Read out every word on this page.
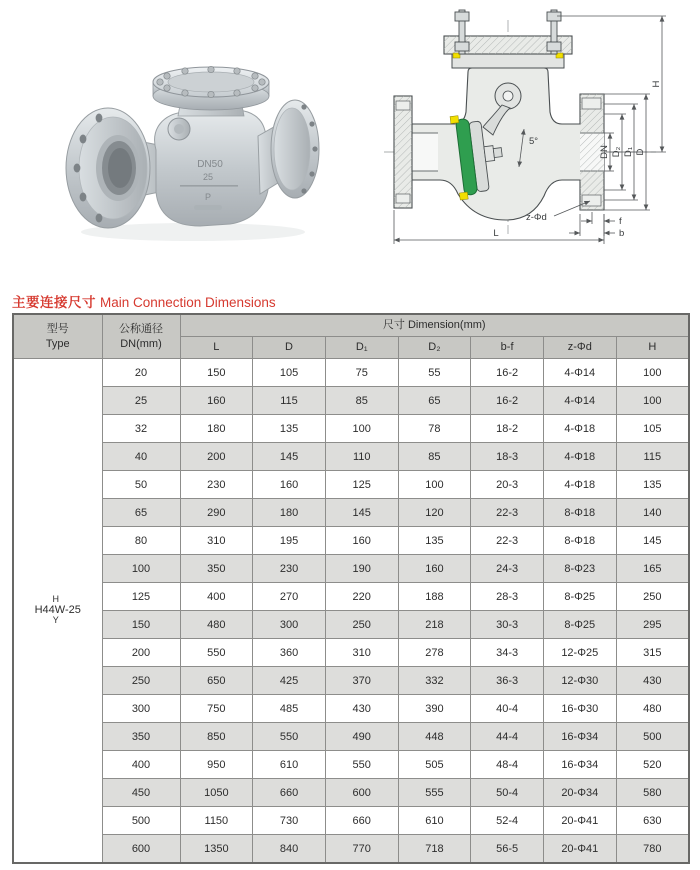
DN50
25
P
5°
H
DN D₂ D₁ D
L
f
b
z-Φd
主要连接尺寸 Main Connection Dimensions
型号
Type

公称通径
DN(mm)
	尺寸 Dimension(mm)
		L	D	D₁	D₂	b-f	z-Φd	H

H
H44W-25
Y	20	150	105	75	55	16-2	4-Φ14	100
	25	160	115	85	65	16-2	4-Φ14	100
	32	180	135	100	78	18-2	4-Φ18	105
	40	200	145	110	85	18-3	4-Φ18	115
	50	230	160	125	100	20-3	4-Φ18	135
	65	290	180	145	120	22-3	8-Φ18	140
	80	310	195	160	135	22-3	8-Φ18	145
	100	350	230	190	160	24-3	8-Φ23	165
	125	400	270	220	188	28-3	8-Φ25	250
	150	480	300	250	218	30-3	8-Φ25	295
	200	550	360	310	278	34-3	12-Φ25	315
	250	650	425	370	332	36-3	12-Φ30	430
	300	750	485	430	390	40-4	16-Φ30	480
	350	850	550	490	448	44-4	16-Φ34	500
	400	950	610	550	505	48-4	16-Φ34	520
	450	1050	660	600	555	50-4	20-Φ34	580
	500	1150	730	660	610	52-4	20-Φ41	630
	600	1350	840	770	718	56-5	20-Φ41	780
